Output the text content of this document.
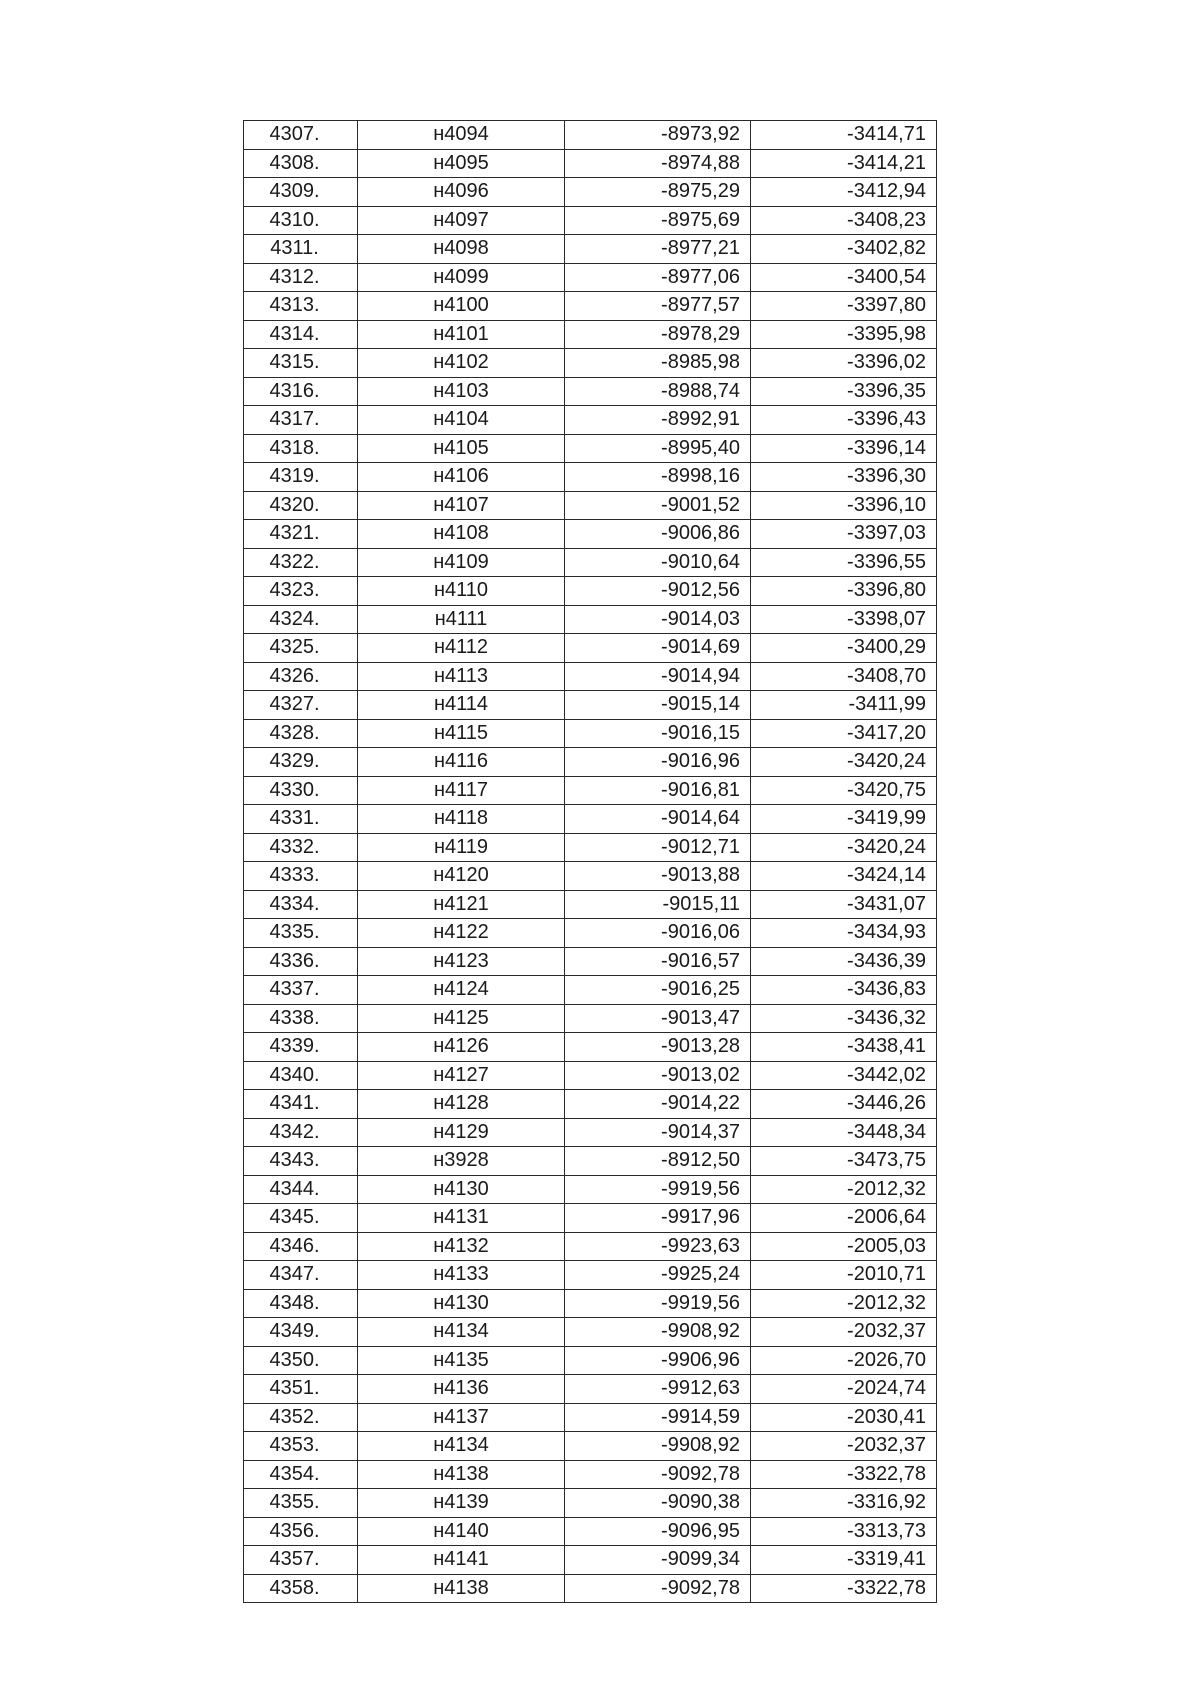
4307.	н4094	-8973,92	-3414,71
4308.	н4095	-8974,88	-3414,21
4309.	н4096	-8975,29	-3412,94
4310.	н4097	-8975,69	-3408,23
4311.	н4098	-8977,21	-3402,82
4312.	н4099	-8977,06	-3400,54
4313.	н4100	-8977,57	-3397,80
4314.	н4101	-8978,29	-3395,98
4315.	н4102	-8985,98	-3396,02
4316.	н4103	-8988,74	-3396,35
4317.	н4104	-8992,91	-3396,43
4318.	н4105	-8995,40	-3396,14
4319.	н4106	-8998,16	-3396,30
4320.	н4107	-9001,52	-3396,10
4321.	н4108	-9006,86	-3397,03
4322.	н4109	-9010,64	-3396,55
4323.	н4110	-9012,56	-3396,80
4324.	н4111	-9014,03	-3398,07
4325.	н4112	-9014,69	-3400,29
4326.	н4113	-9014,94	-3408,70
4327.	н4114	-9015,14	-3411,99
4328.	н4115	-9016,15	-3417,20
4329.	н4116	-9016,96	-3420,24
4330.	н4117	-9016,81	-3420,75
4331.	н4118	-9014,64	-3419,99
4332.	н4119	-9012,71	-3420,24
4333.	н4120	-9013,88	-3424,14
4334.	н4121	-9015,11	-3431,07
4335.	н4122	-9016,06	-3434,93
4336.	н4123	-9016,57	-3436,39
4337.	н4124	-9016,25	-3436,83
4338.	н4125	-9013,47	-3436,32
4339.	н4126	-9013,28	-3438,41
4340.	н4127	-9013,02	-3442,02
4341.	н4128	-9014,22	-3446,26
4342.	н4129	-9014,37	-3448,34
4343.	н3928	-8912,50	-3473,75
4344.	н4130	-9919,56	-2012,32
4345.	н4131	-9917,96	-2006,64
4346.	н4132	-9923,63	-2005,03
4347.	н4133	-9925,24	-2010,71
4348.	н4130	-9919,56	-2012,32
4349.	н4134	-9908,92	-2032,37
4350.	н4135	-9906,96	-2026,70
4351.	н4136	-9912,63	-2024,74
4352.	н4137	-9914,59	-2030,41
4353.	н4134	-9908,92	-2032,37
4354.	н4138	-9092,78	-3322,78
4355.	н4139	-9090,38	-3316,92
4356.	н4140	-9096,95	-3313,73
4357.	н4141	-9099,34	-3319,41
4358.	н4138	-9092,78	-3322,78
